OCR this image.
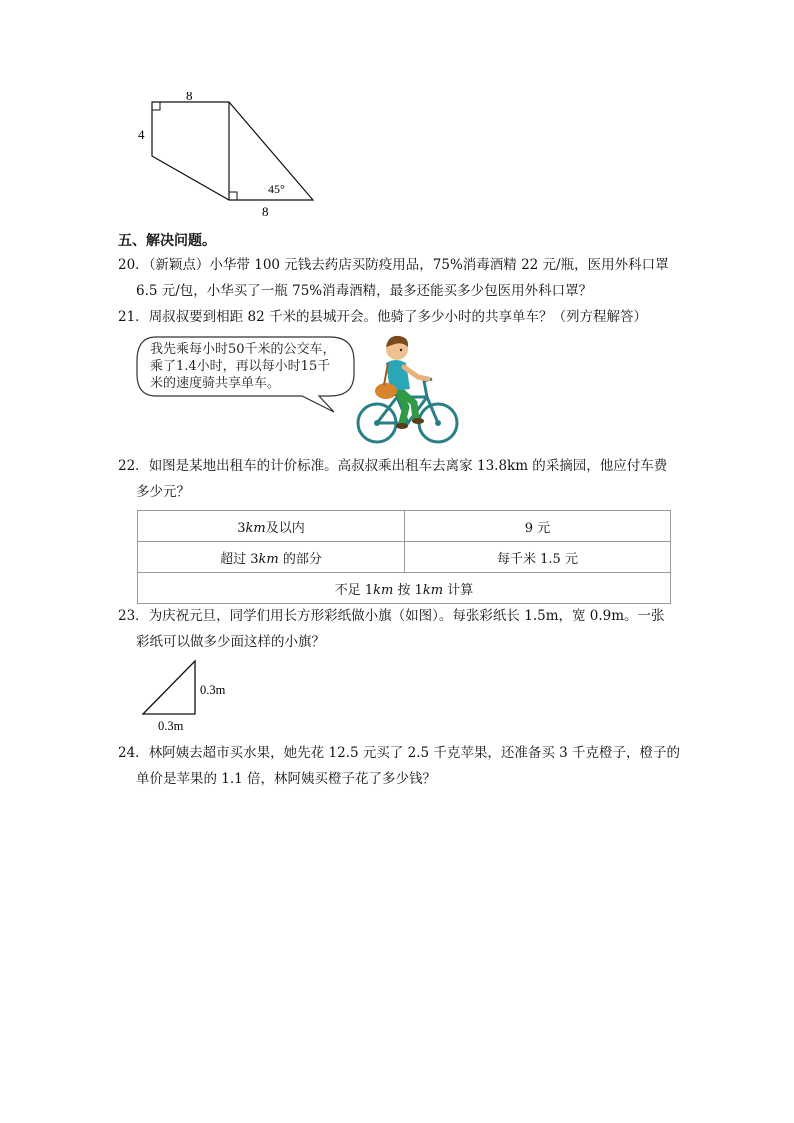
8
4
45°
8
五、解决问题。
20．（新颖点）小华带 100 元钱去药店买防疫用品，75%消毒酒精 22 元/瓶，医用外科口罩
6.5 元/包，小华买了一瓶 75%消毒酒精，最多还能买多少包医用外科口罩？
21．周叔叔要到相距 82 千米的县城开会。他骑了多少小时的共享单车？（列方程解答）
我先乘每小时50千米的公交车，
乘了1.4小时，再以每小时15千
米的速度骑共享单车。
22．如图是某地出租车的计价标准。高叔叔乘出租车去离家 13.8km 的采摘园，他应付车费
多少元？
3km及以内	9 元
超过 3km 的部分	每千米 1.5 元
不足 1km 按 1km 计算	
23．为庆祝元旦，同学们用长方形彩纸做小旗（如图）。每张彩纸长 1.5m，宽 0.9m。一张
彩纸可以做多少面这样的小旗？
0.3m
0.3m
24．林阿姨去超市买水果，她先花 12.5 元买了 2.5 千克苹果，还准备买 3 千克橙子，橙子的
单价是苹果的 1.1 倍，林阿姨买橙子花了多少钱？
